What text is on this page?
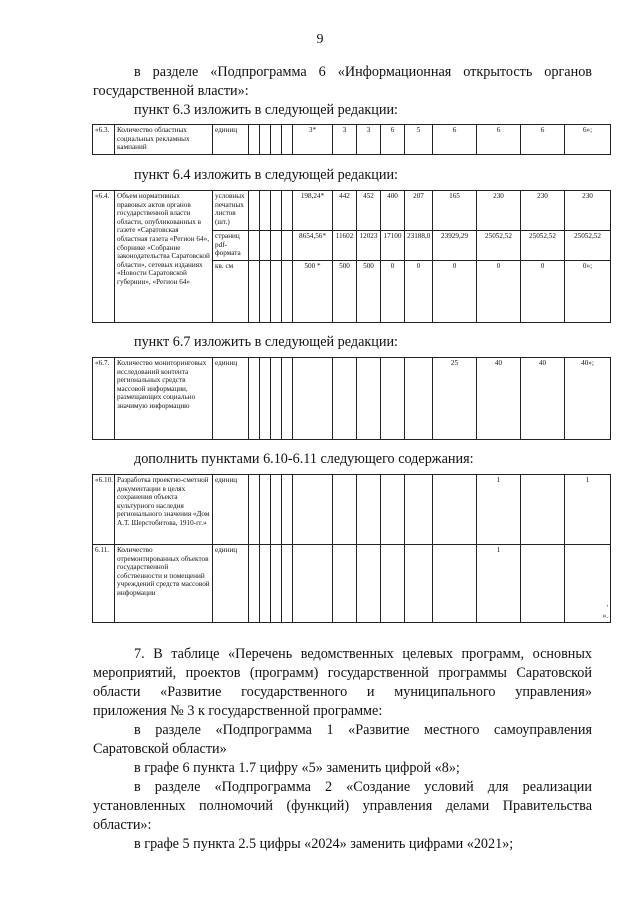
9

в разделе «Подпрограмма 6 «Информационная открытость органов

государственной власти»:

пункт 6.3 изложить в следующей редакции:

«6.3.	Количество областных социальных рекламных кампаний	единиц					3*	3	3	6	5	6	6	6	6»;

пункт 6.4 изложить в следующей редакции:

«6.4.	Объем нормативных правовых актов органов государственной власти области, опубликованных в газете «Саратовская областная газета «Регион 64», сборнике «Собрание законодательства Саратовской области», сетевых изданиях «Новости Саратовской губернии», «Регион 64»	условных печатных листов (шт.)					198,24*	442	452	400	207	165	230	230	230
		страниц pdf-формата					8654,56*	11602	12023	17100	23188,0	23929,29	25052,52	25052,52	25052,52
		кв. см					500 *	500	500	0	0	0	0	0	0»;

пункт 6.7 изложить в следующей редакции:

«6.7.	Количество мониторинговых исследований контента региональных средств массовой информации, размещающих социально значимую информацию	единиц										25	40	40	40»;

дополнить пунктами 6.10-6.11 следующего содержания:

«6.10.	Разработка проектно-сметной документации в целях сохранения объекта культурного наследия регионального значения «Дом А.Т. Шерстобитова, 1910-гг.»	единиц											1		1
6.11.	Количество отремонтированных объектов государственной собственности и помещений учреждений средств массовой информации	единиц											1		'
».

7. В таблице «Перечень ведомственных целевых программ, основных

мероприятий, проектов (программ) государственной программы Саратовской

области «Развитие государственного и муниципального управления»

приложения № 3 к государственной программе:

в разделе «Подпрограмма 1 «Развитие местного самоуправления

Саратовской области»

в графе 6 пункта 1.7 цифру «5» заменить цифрой «8»;

в разделе «Подпрограмма 2 «Создание условий для реализации

установленных полномочий (функций) управления делами Правительства

области»:

в графе 5 пункта 2.5 цифры «2024» заменить цифрами «2021»;
